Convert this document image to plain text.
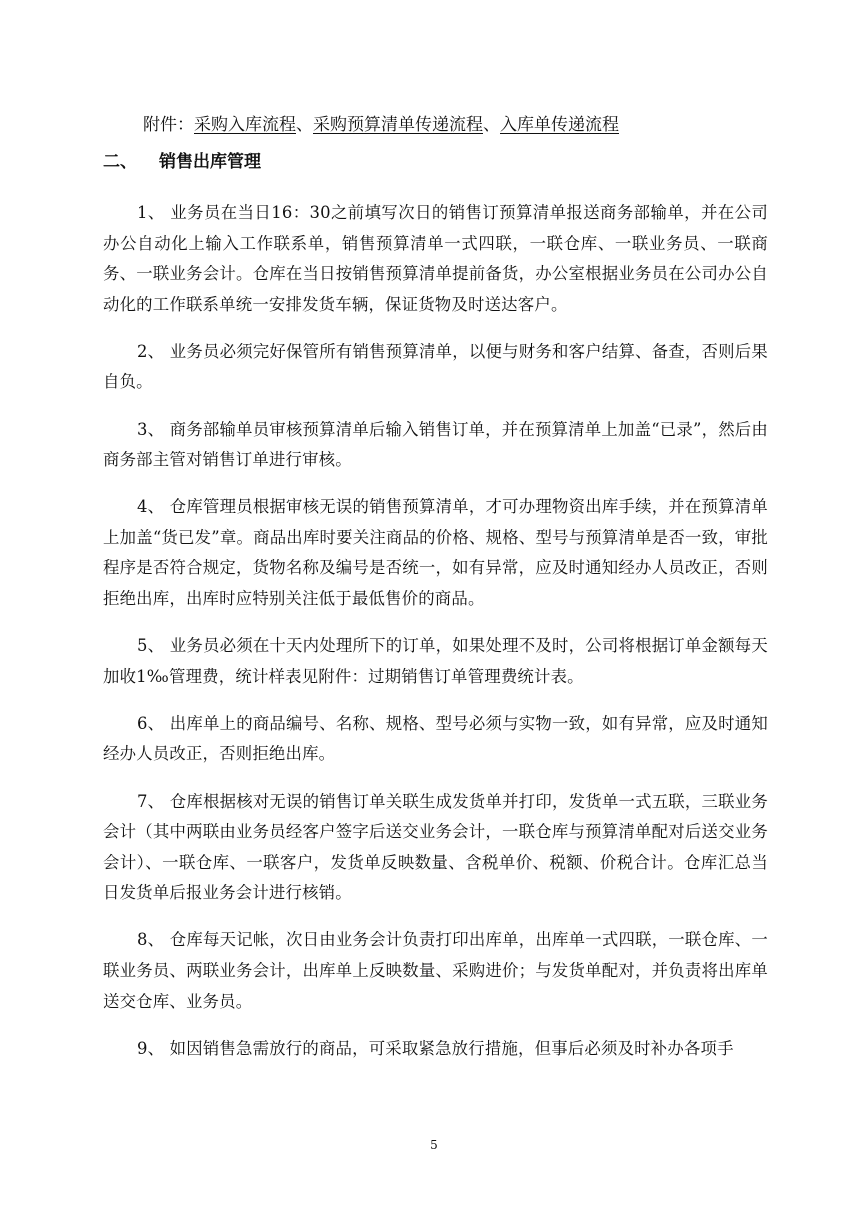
附件：采购入库流程、采购预算清单传递流程、入库单传递流程
二、 销售出库管理

1、 业务员在当日16：30之前填写次日的销售订预算清单报送商务部输单，并在公司办公自动化上输入工作联系单，销售预算清单一式四联，一联仓库、一联业务员、一联商务、一联业务会计。仓库在当日按销售预算清单提前备货，办公室根据业务员在公司办公自动化的工作联系单统一安排发货车辆，保证货物及时送达客户。

2、 业务员必须完好保管所有销售预算清单，以便与财务和客户结算、备查，否则后果自负。

3、 商务部输单员审核预算清单后输入销售订单，并在预算清单上加盖“已录”，然后由商务部主管对销售订单进行审核。

4、 仓库管理员根据审核无误的销售预算清单，才可办理物资出库手续，并在预算清单上加盖“货已发”章。商品出库时要关注商品的价格、规格、型号与预算清单是否一致，审批程序是否符合规定，货物名称及编号是否统一，如有异常，应及时通知经办人员改正，否则拒绝出库，出库时应特别关注低于最低售价的商品。

5、 业务员必须在十天内处理所下的订单，如果处理不及时，公司将根据订单金额每天加收1‰管理费，统计样表见附件：过期销售订单管理费统计表。

6、 出库单上的商品编号、名称、规格、型号必须与实物一致，如有异常，应及时通知经办人员改正，否则拒绝出库。

7、 仓库根据核对无误的销售订单关联生成发货单并打印，发货单一式五联，三联业务会计（其中两联由业务员经客户签字后送交业务会计，一联仓库与预算清单配对后送交业务会计）、一联仓库、一联客户，发货单反映数量、含税单价、税额、价税合计。仓库汇总当日发货单后报业务会计进行核销。

8、 仓库每天记帐，次日由业务会计负责打印出库单，出库单一式四联，一联仓库、一联业务员、两联业务会计，出库单上反映数量、采购进价；与发货单配对，并负责将出库单送交仓库、业务员。

9、 如因销售急需放行的商品，可采取紧急放行措施，但事后必须及时补办各项手

5
